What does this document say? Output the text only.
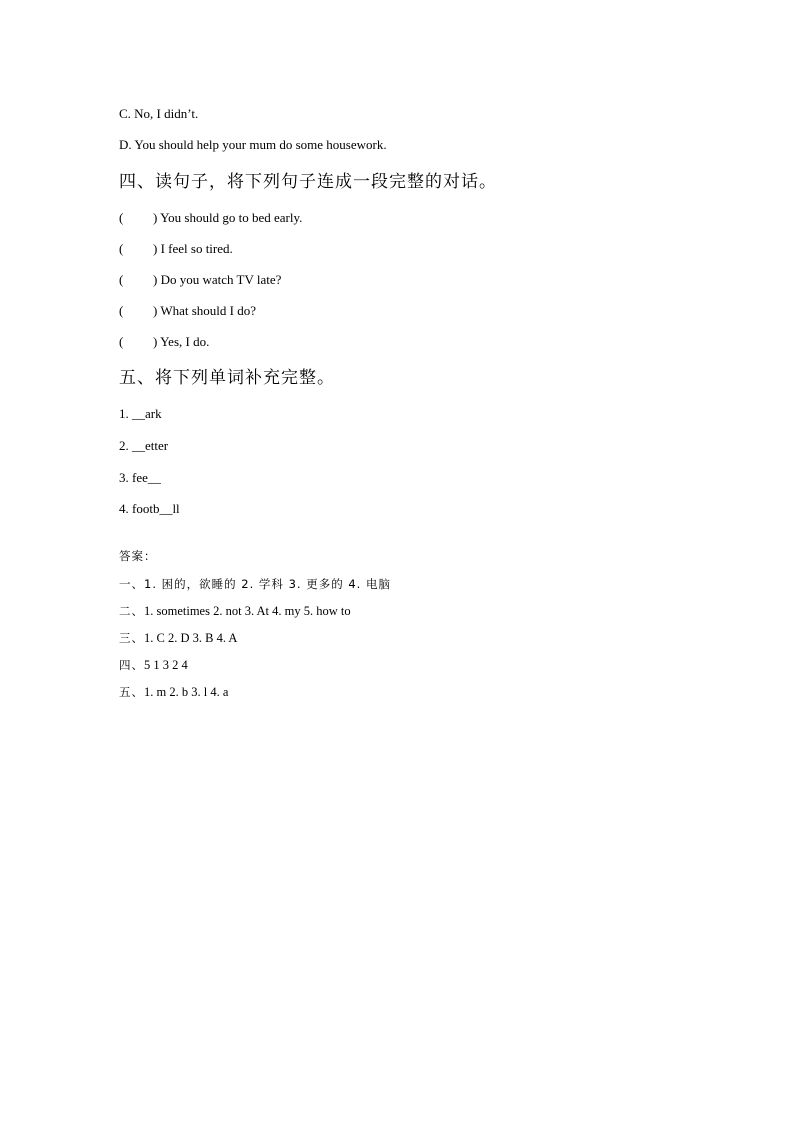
C. No, I didn’t.
D. You should help your mum do some housework.
四、读句子，将下列句子连成一段完整的对话。
( ) You should go to bed early.
( ) I feel so tired.
( ) Do you watch TV late?
( ) What should I do?
( ) Yes, I do.
五、将下列单词补充完整。
1. __ark
2. __etter
3. fee__
4. footb__ll
答案：
一、1. 困的，欲睡的 2. 学科 3. 更多的 4. 电脑
二、1. sometimes 2. not 3. At 4. my 5. how to
三、1. C 2. D 3. B 4. A
四、5 1 3 2 4
五、1. m 2. b 3. l 4. a
